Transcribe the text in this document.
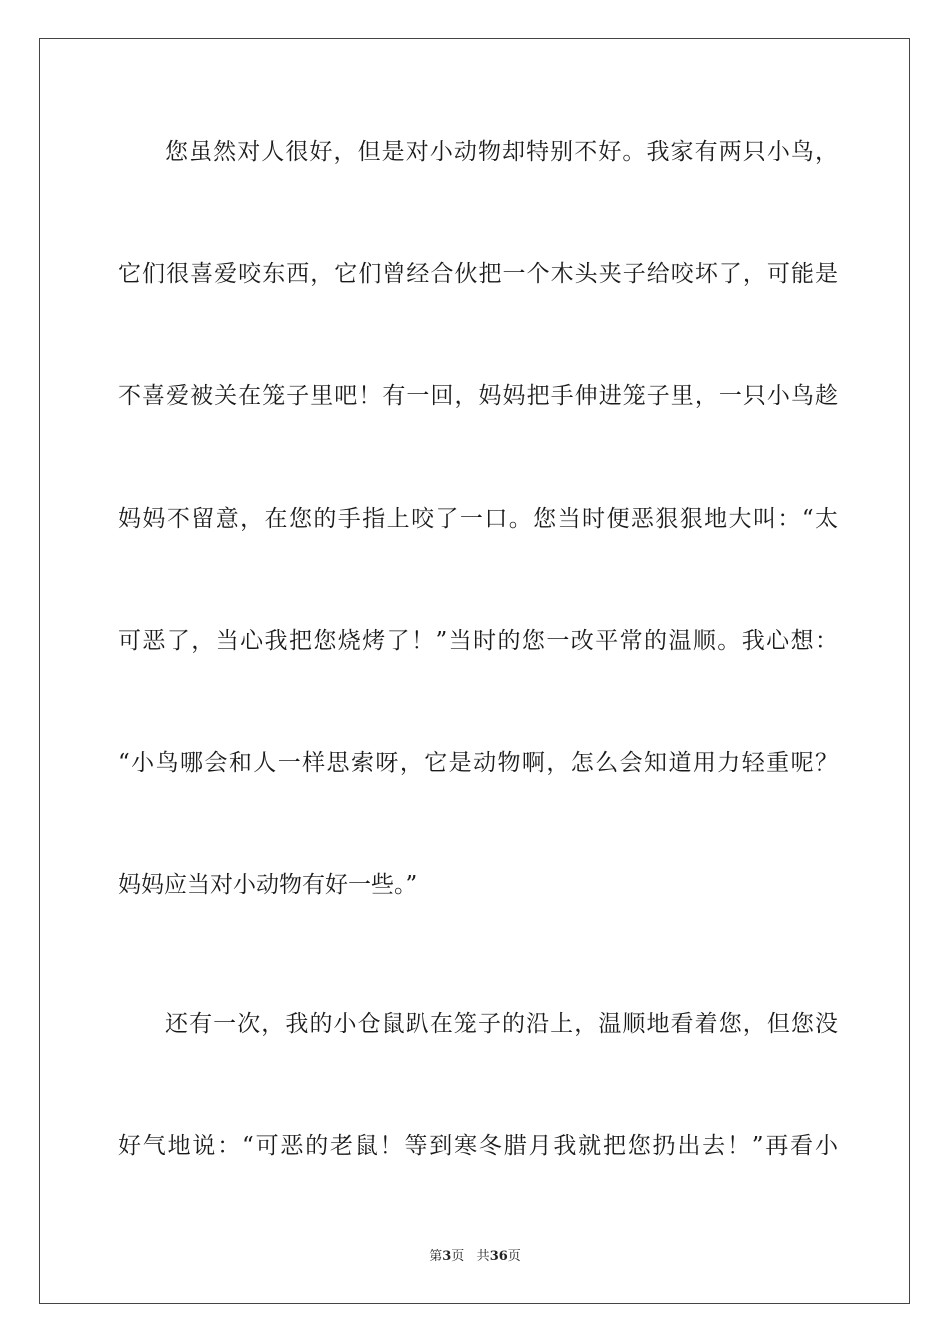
您虽然对人很好，但是对小动物却特别不好。我家有两只小鸟，
它们很喜爱咬东西，它们曾经合伙把一个木头夹子给咬坏了，可能是
不喜爱被关在笼子里吧！有一回，妈妈把手伸进笼子里，一只小鸟趁
妈妈不留意，在您的手指上咬了一口。您当时便恶狠狠地大叫：“太
可恶了，当心我把您烧烤了！”当时的您一改平常的温顺。我心想：
“小鸟哪会和人一样思索呀，它是动物啊，怎么会知道用力轻重呢？
妈妈应当对小动物有好一些。”
还有一次，我的小仓鼠趴在笼子的沿上，温顺地看着您，但您没
好气地说：“可恶的老鼠！等到寒冬腊月我就把您扔出去！”再看小
第3页 共36页
